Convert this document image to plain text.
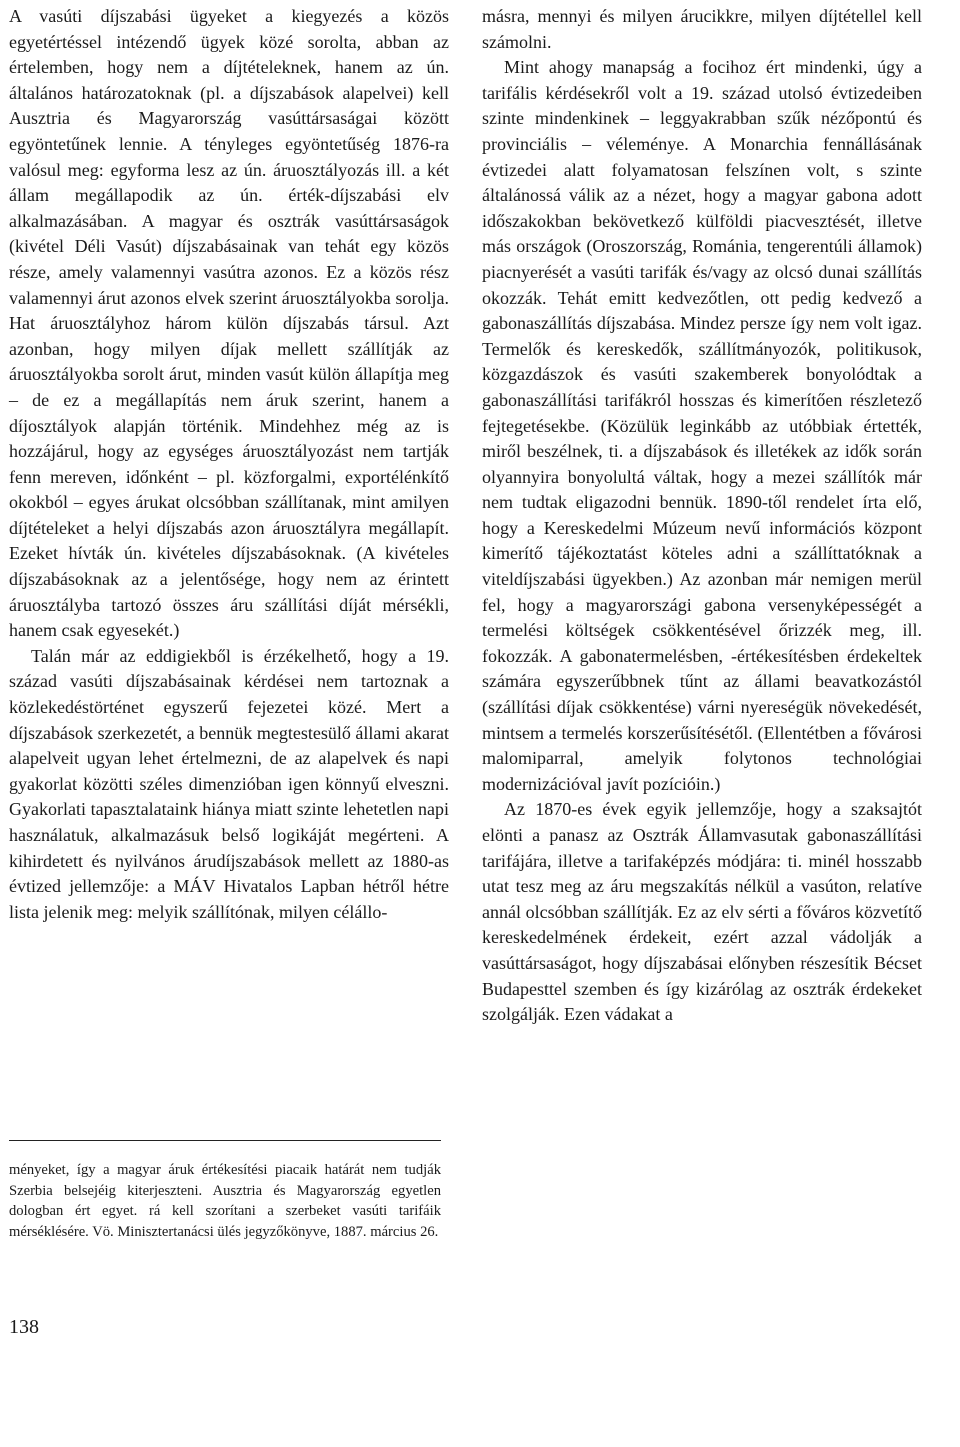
A vasúti díjszabási ügyeket a kiegyezés a közös egyetértéssel intézendő ügyek közé sorolta, abban az értelemben, hogy nem a díjtételeknek, hanem az ún. általános határozatoknak (pl. a díjszabások alapelvei) kell Ausztria és Magyarország vasúttársaságai között egyöntetűnek lennie. A tényleges egyöntetűség 1876-ra valósul meg: egyforma lesz az ún. áruosztályozás ill. a két állam megállapodik az ún. érték-díjszabási elv alkalmazásában. A magyar és osztrák vasúttársaságok (kivétel Déli Vasút) díjszabásainak van tehát egy közös része, amely valamennyi vasútra azonos. Ez a közös rész valamennyi árut azonos elvek szerint áruosztályokba sorolja. Hat áruosztályhoz három külön díjszabás társul. Azt azonban, hogy milyen díjak mellett szállítják az áruosztályokba sorolt árut, minden vasút külön állapítja meg – de ez a megállapítás nem áruk szerint, hanem a díjosztályok alapján történik. Mindehhez még az is hozzájárul, hogy az egységes áruosztályozást nem tartják fenn mereven, időnként – pl. közforgalmi, exportélénkítő okokból – egyes árukat olcsóbban szállítanak, mint amilyen díjtételeket a helyi díjszabás azon áruosztályra megállapít. Ezeket hívták ún. kivételes díjszabásoknak. (A kivételes díjszabásoknak az a jelentősége, hogy nem az érintett áruosztályba tartozó összes áru szállítási díját mérsékli, hanem csak egyesekét.)

Talán már az eddigiekből is érzékelhető, hogy a 19. század vasúti díjszabásainak kérdései nem tartoznak a közlekedéstörténet egyszerű fejezetei közé. Mert a díjszabások szerkezetét, a bennük megtestesülő állami akarat alapelveit ugyan lehet értelmezni, de az alapelvek és napi gyakorlat közötti széles dimenzióban igen könnyű elveszni. Gyakorlati tapasztalataink hiánya miatt szinte lehetetlen napi használatuk, alkalmazásuk belső logikáját megérteni. A kihirdetett és nyilvános árudíjszabások mellett az 1880-as évtized jellemzője: a MÁV Hivatalos Lapban hétről hétre lista jelenik meg: melyik szállítónak, milyen célállo-

ményeket, így a magyar áruk értékesítési piacaik határát nem tudják Szerbia belsejéig kiterjeszteni. Ausztria és Magyarország egyetlen dologban ért egyet. rá kell szorítani a szerbeket vasúti tarifáik mérséklésére. Vö. Minisztertanácsi ülés jegyzőkönyve, 1887. március 26.
138

másra, mennyi és milyen árucikkre, milyen díjtétellel kell számolni.

Mint ahogy manapság a focihoz ért mindenki, úgy a tarifális kérdésekről volt a 19. század utolsó évtizedeiben szinte mindenkinek – leggyakrabban szűk nézőpontú és provinciális – véleménye. A Monarchia fennállásának évtizedei alatt folyamatosan felszínen volt, s szinte általánossá válik az a nézet, hogy a magyar gabona adott időszakokban bekövetkező külföldi piacvesztését, illetve más országok (Oroszország, Románia, tengerentúli államok) piacnyerését a vasúti tarifák és/vagy az olcsó dunai szállítás okozzák. Tehát emitt kedvezőtlen, ott pedig kedvező a gabonaszállítás díjszabása. Mindez persze így nem volt igaz. Termelők és kereskedők, szállítmányozók, politikusok, közgazdászok és vasúti szakemberek bonyolódtak a gabonaszállítási tarifákról hosszas és kimerítően részletező fejtegetésekbe. (Közülük leginkább az utóbbiak értették, miről beszélnek, ti. a díjszabások és illetékek az idők során olyannyira bonyolultá váltak, hogy a mezei szállítók már nem tudtak eligazodni bennük. 1890-től rendelet írta elő, hogy a Kereskedelmi Múzeum nevű információs központ kimerítő tájékoztatást köteles adni a szállíttatóknak a viteldíjszabási ügyekben.) Az azonban már nemigen merül fel, hogy a magyarországi gabona versenyképességét a termelési költségek csökkentésével őrizzék meg, ill. fokozzák. A gabonatermelésben, -értékesítésben érdekeltek számára egyszerűbbnek tűnt az állami beavatkozástól (szállítási díjak csökkentése) várni nyereségük növekedését, mintsem a termelés korszerűsítésétől. (Ellentétben a fővárosi malomiparral, amelyik folytonos technológiai modernizációval javít pozícióin.)

Az 1870-es évek egyik jellemzője, hogy a szaksajtót elönti a panasz az Osztrák Államvasutak gabonaszállítási tarifájára, illetve a tarifaképzés módjára: ti. minél hosszabb utat tesz meg az áru megszakítás nélkül a vasúton, relatíve annál olcsóbban szállítják. Ez az elv sérti a főváros közvetítő kereskedelmének érdekeit, ezért azzal vádolják a vasúttársaságot, hogy díjszabásai előnyben részesítik Bécset Budapesttel szemben és így kizárólag az osztrák érdekeket szolgálják. Ezen vádakat a
